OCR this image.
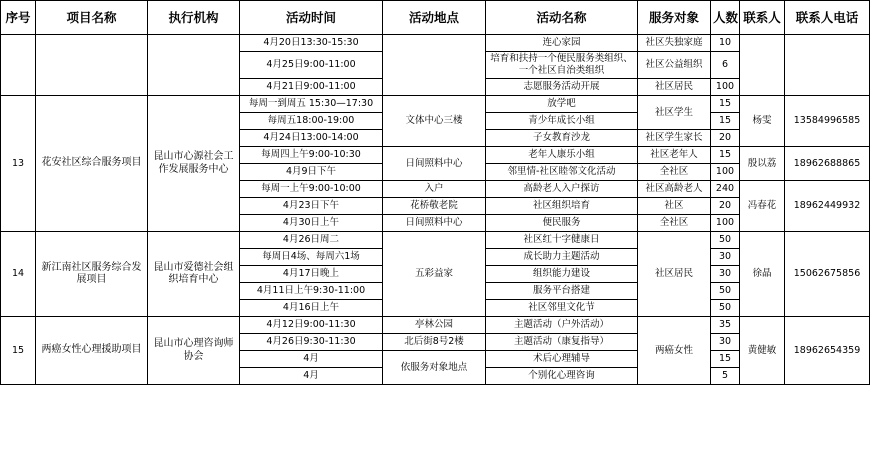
序号	项目名称	执行机构	活动时间	活动地点	活动名称	服务对象	人数	联系人	联系人电话
			4月20日13:30-15:30		连心家园	社区失独家庭	10		
			4月25日9:00-11:00		培育和扶持一个便民服务类组织、一个社区自治类组织	社区公益组织	6		
			4月21日9:00-11:00		志愿服务活动开展	社区居民	100		
13	花安社区综合服务项目	昆山市心源社会工作发展服务中心	每周一到周五 15:30—17:30	文体中心三楼	放学吧	社区学生	15	杨雯	13584996585
			每周五18:00-19:00		青少年成长小组		15		
			4月24日13:00-14:00		子女教育沙龙	社区学生家长	20		
			每周四上午9:00-10:30	日间照料中心	老年人康乐小组	社区老年人	15	殷以荔	18962688865
			4月9日下午		邻里情-社区睦邻文化活动	全社区	100		
			每周一上午9:00-10:00	入户	高龄老人入户探访	社区高龄老人	240	冯春花	18962449932
			4月23日下午	花桥敬老院	社区组织培育	社区	20		
			4月30日上午	日间照料中心	便民服务	全社区	100		
14	新江南社区服务综合发展项目	昆山市爱德社会组织培育中心	4月26日周二	五彩益家	社区红十字健康日	社区居民	50	徐晶	15062675856
			每周日4场、每周六1场		成长助力主题活动		30		
			4月17日晚上		组织能力建设		30		
			4月11日上午9:30-11:00		服务平台搭建		50		
			4月16日上午		社区邻里文化节		50		
15	两癌女性心理援助项目	昆山市心理咨询师协会	4月12日9:00-11:30	亭林公园	主题活动（户外活动）	两癌女性	35	黄健敏	18962654359
			4月26日9:30-11:30	北后街8号2楼	主题活动（康复指导）		30		
			4月	依服务对象地点	术后心理辅导		15		
			4月		个别化心理咨询		5		
